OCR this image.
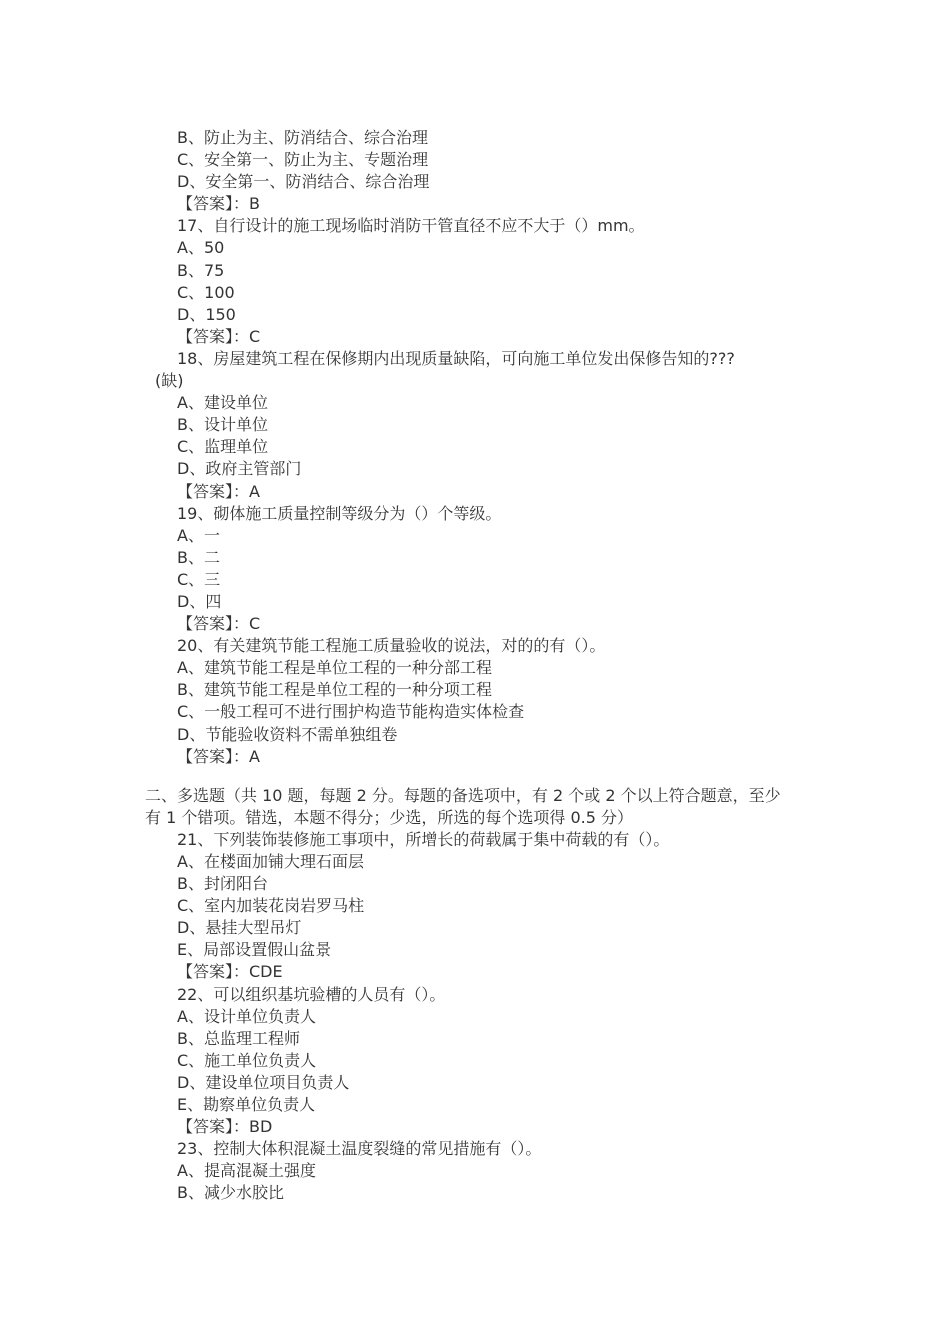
B、防止为主、防消结合、综合治理
C、安全第一、防止为主、专题治理
D、安全第一、防消结合、综合治理
【答案】：B
17、自行设计的施工现场临时消防干管直径不应不大于（）mm。
A、50
B、75
C、100
D、150
【答案】：C
18、房屋建筑工程在保修期内出现质量缺陷，可向施工单位发出保修告知的???
(缺)
A、建设单位
B、设计单位
C、监理单位
D、政府主管部门
【答案】：A
19、砌体施工质量控制等级分为（）个等级。
A、一
B、二
C、三
D、四
【答案】：C
20、有关建筑节能工程施工质量验收的说法，对的的有（）。
A、建筑节能工程是单位工程的一种分部工程
B、建筑节能工程是单位工程的一种分项工程
C、一般工程可不进行围护构造节能构造实体检查
D、节能验收资料不需单独组卷
【答案】：A
二、多选题（共 10 题，每题 2 分。每题的备选项中，有 2 个或 2 个以上符合题意，至少
有 1 个错项。错选，本题不得分；少选，所选的每个选项得 0.5 分）
21、下列装饰装修施工事项中，所增长的荷载属于集中荷载的有（）。
A、在楼面加铺大理石面层
B、封闭阳台
C、室内加装花岗岩罗马柱
D、悬挂大型吊灯
E、局部设置假山盆景
【答案】：CDE
22、可以组织基坑验槽的人员有（）。
A、设计单位负责人
B、总监理工程师
C、施工单位负责人
D、建设单位项目负责人
E、勘察单位负责人
【答案】：BD
23、控制大体积混凝土温度裂缝的常见措施有（）。
A、提高混凝土强度
B、减少水胶比
